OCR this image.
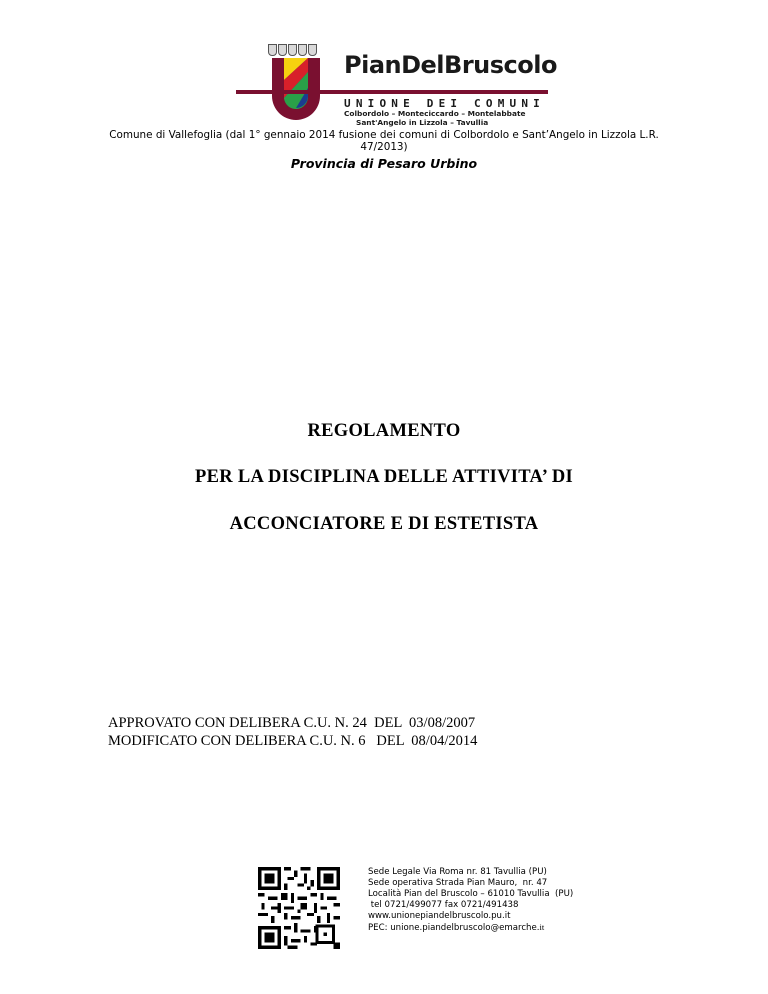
PianDelBruscolo
UNIONE DEI COMUNI
Colbordolo – Monteciccardo – Montelabbate
Sant'Angelo in Lizzola – Tavullia
Comune di Vallefoglia (dal 1° gennaio 2014 fusione dei comuni di Colbordolo e Sant’Angelo in Lizzola L.R. 47/2013)
Provincia di Pesaro Urbino
REGOLAMENTO
PER LA DISCIPLINA DELLE ATTIVITA’ DI
ACCONCIATORE E DI ESTETISTA
APPROVATO CON DELIBERA C.U. N. 24  DEL  03/08/2007
MODIFICATO CON DELIBERA C.U. N. 6   DEL  08/04/2014
Sede Legale Via Roma nr. 81 Tavullia (PU)
Sede operativa Strada Pian Mauro,  nr. 47
Località Pian del Bruscolo – 61010 Tavullia  (PU)
tel 0721/499077 fax 0721/491438
www.unionepiandelbruscolo.pu.it
PEC: unione.piandelbruscolo@emarche.it
